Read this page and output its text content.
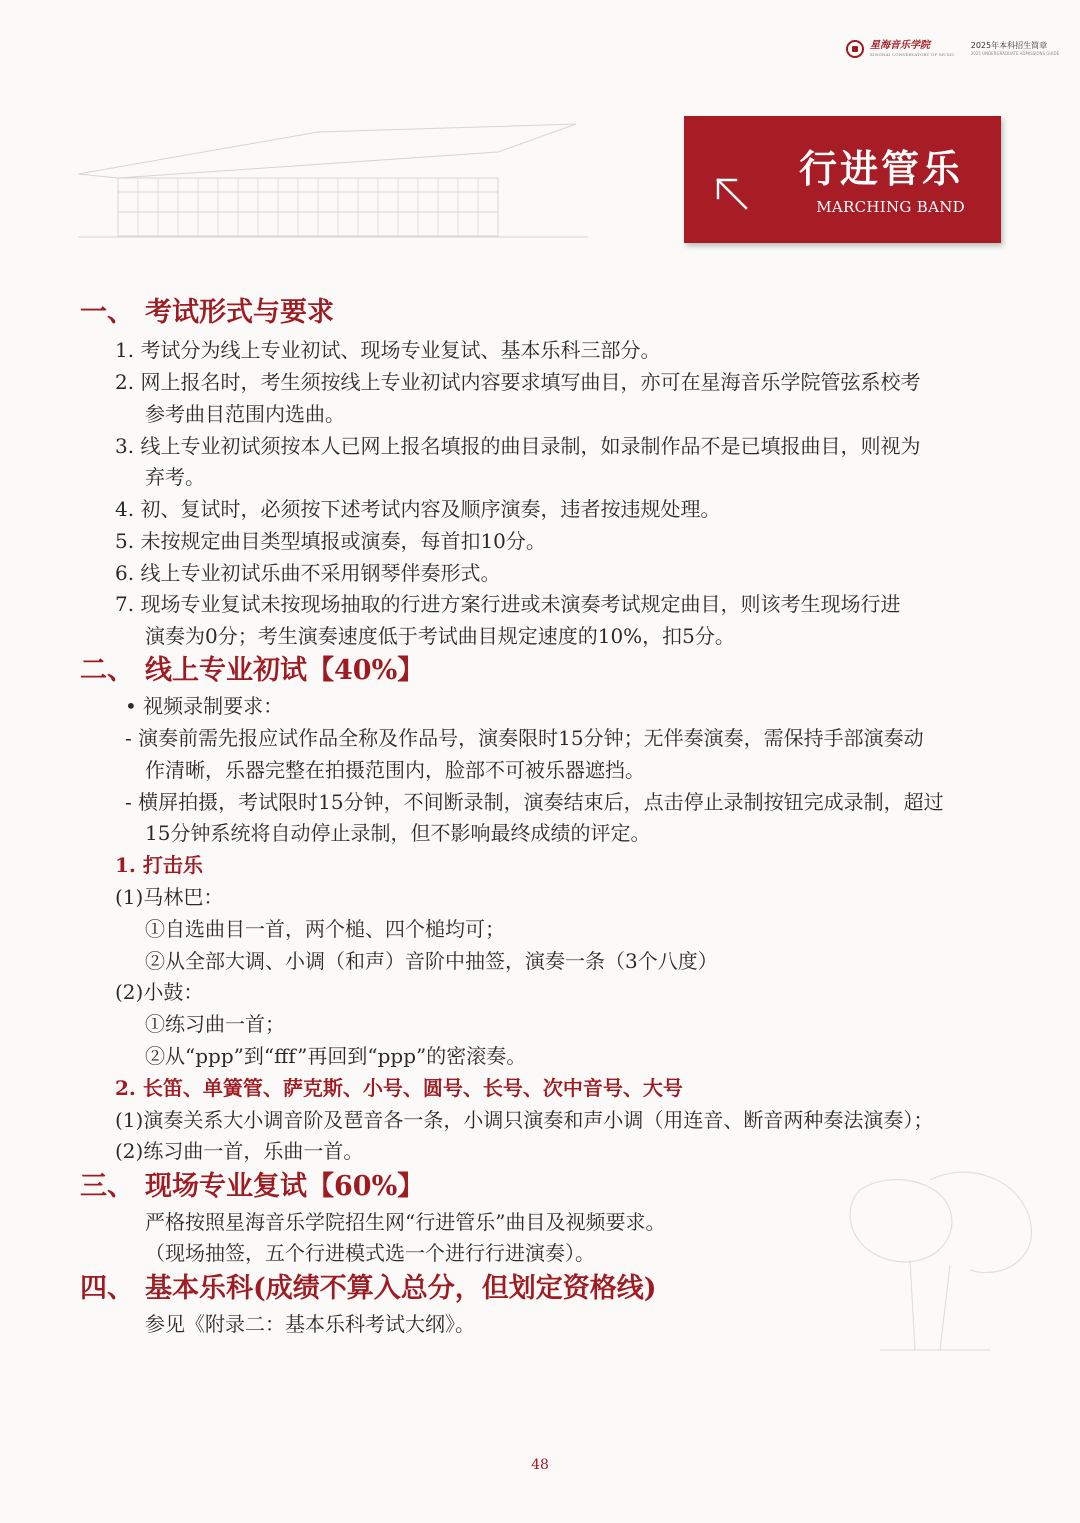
星海音乐学院
XINGHAI CONSERVATORY OF MUSIC
2025年本科招生简章
2025 UNDERGRADUATE ADMISSIONS GUIDE
行进管乐
MARCHING BAND
一、 考试形式与要求
1. 考试分为线上专业初试、现场专业复试、基本乐科三部分。
2. 网上报名时，考生须按线上专业初试内容要求填写曲目，亦可在星海音乐学院管弦系校考
参考曲目范围内选曲。
3. 线上专业初试须按本人已网上报名填报的曲目录制，如录制作品不是已填报曲目，则视为
弃考。
4. 初、复试时，必须按下述考试内容及顺序演奏，违者按违规处理。
5. 未按规定曲目类型填报或演奏，每首扣10分。
6. 线上专业初试乐曲不采用钢琴伴奏形式。
7. 现场专业复试未按现场抽取的行进方案行进或未演奏考试规定曲目，则该考生现场行进
演奏为0分；考生演奏速度低于考试曲目规定速度的10%，扣5分。
二、 线上专业初试【40%】
• 视频录制要求：
- 演奏前需先报应试作品全称及作品号，演奏限时15分钟；无伴奏演奏，需保持手部演奏动
作清晰，乐器完整在拍摄范围内，脸部不可被乐器遮挡。
- 横屏拍摄，考试限时15分钟，不间断录制，演奏结束后，点击停止录制按钮完成录制，超过
15分钟系统将自动停止录制，但不影响最终成绩的评定。
1. 打击乐
(1)马林巴：
①自选曲目一首，两个槌、四个槌均可；
②从全部大调、小调（和声）音阶中抽签，演奏一条（3个八度）
(2)小鼓：
①练习曲一首；
②从“ppp”到“fff”再回到“ppp”的密滚奏。
2. 长笛、单簧管、萨克斯、小号、圆号、长号、次中音号、大号
(1)演奏关系大小调音阶及琶音各一条，小调只演奏和声小调（用连音、断音两种奏法演奏）；
(2)练习曲一首，乐曲一首。
三、 现场专业复试【60%】
严格按照星海音乐学院招生网“行进管乐”曲目及视频要求。
（现场抽签，五个行进模式选一个进行行进演奏）。
四、 基本乐科(成绩不算入总分，但划定资格线)
参见《附录二：基本乐科考试大纲》。
48
